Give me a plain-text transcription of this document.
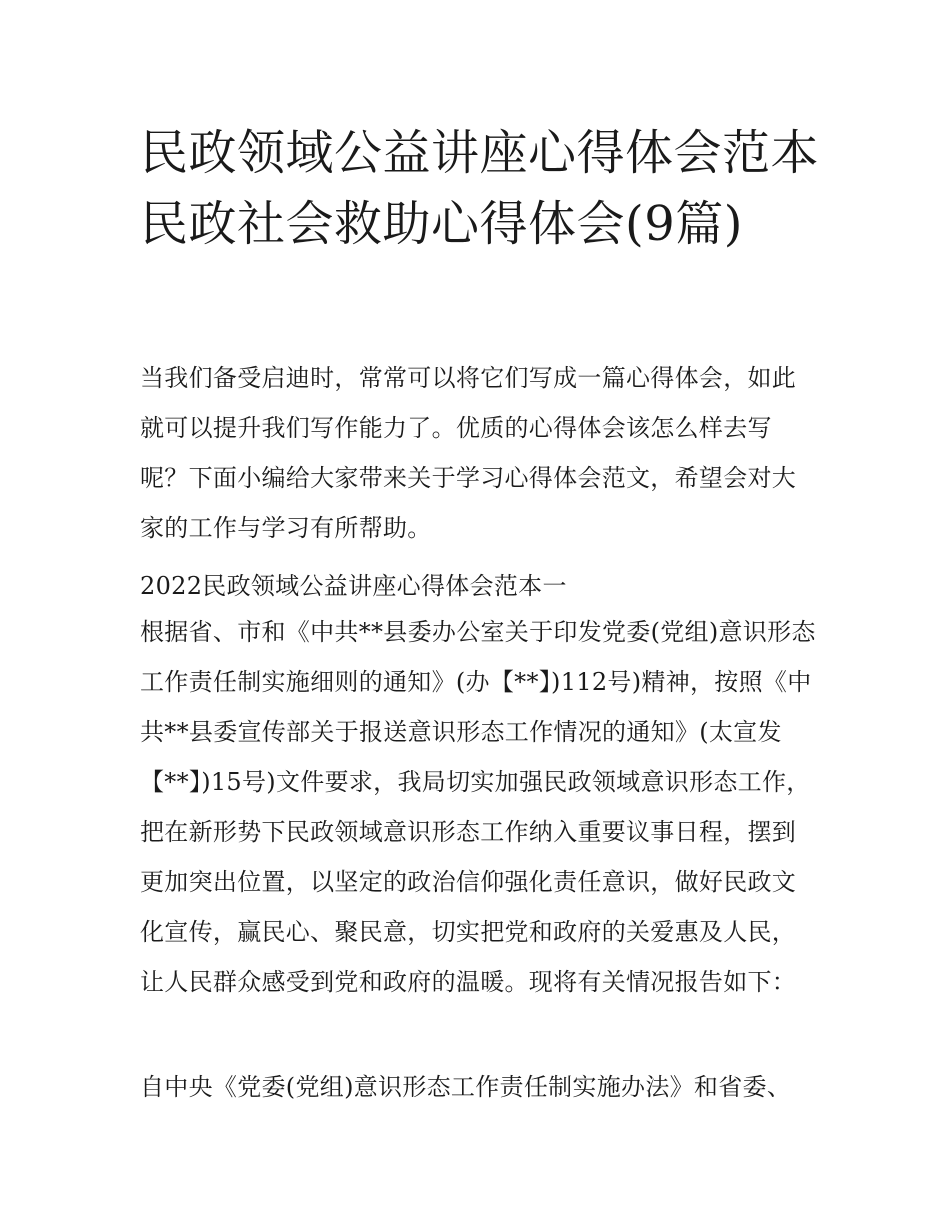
民政领域公益讲座心得体会范本 民政社会救助心得体会(9篇)

当我们备受启迪时，常常可以将它们写成一篇心得体会，如此就可以提升我们写作能力了。优质的心得体会该怎么样去写呢？下面小编给大家带来关于学习心得体会范文，希望会对大家的工作与学习有所帮助。

2022民政领域公益讲座心得体会范本一

根据省、市和《中共**县委办公室关于印发党委(党组)意识形态工作责任制实施细则的通知》(办【**】)112号)精神，按照《中共**县委宣传部关于报送意识形态工作情况的通知》(太宣发【**】)15号)文件要求，我局切实加强民政领域意识形态工作，把在新形势下民政领域意识形态工作纳入重要议事日程，摆到更加突出位置，以坚定的政治信仰强化责任意识，做好民政文化宣传，赢民心、聚民意，切实把党和政府的关爱惠及人民，让人民群众感受到党和政府的温暖。现将有关情况报告如下：

自中央《党委(党组)意识形态工作责任制实施办法》和省委、
